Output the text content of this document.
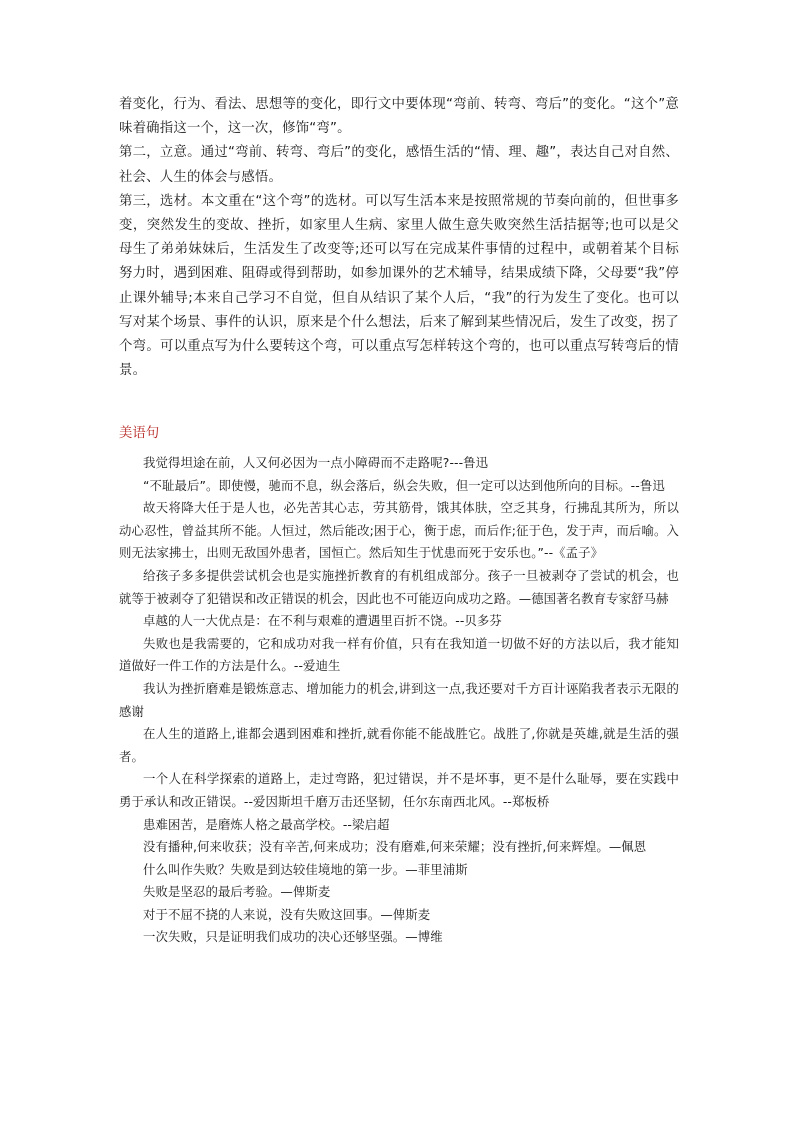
着变化，行为、看法、思想等的变化，即行文中要体现“弯前、转弯、弯后”的变化。“这个”意味着确指这一个，这一次，修饰“弯”。

第二，立意。通过“弯前、转弯、弯后”的变化，感悟生活的“情、理、趣”，表达自己对自然、社会、人生的体会与感悟。

第三，选材。本文重在“这个弯”的选材。可以写生活本来是按照常规的节奏向前的，但世事多变，突然发生的变故、挫折，如家里人生病、家里人做生意失败突然生活拮据等;也可以是父母生了弟弟妹妹后，生活发生了改变等;还可以写在完成某件事情的过程中，或朝着某个目标努力时，遇到困难、阻碍或得到帮助，如参加课外的艺术辅导，结果成绩下降，父母要“我”停止课外辅导;本来自己学习不自觉，但自从结识了某个人后，“我”的行为发生了变化。也可以写对某个场景、事件的认识，原来是个什么想法，后来了解到某些情况后，发生了改变，拐了个弯。可以重点写为什么要转这个弯，可以重点写怎样转这个弯的，也可以重点写转弯后的情景。

美语句

我觉得坦途在前，人又何必因为一点小障碍而不走路呢?---鲁迅

“不耻最后”。即使慢，驰而不息，纵会落后，纵会失败，但一定可以达到他所向的目标。--鲁迅

故天将降大任于是人也，必先苦其心志，劳其筋骨，饿其体肤，空乏其身，行拂乱其所为，所以动心忍性，曾益其所不能。人恒过，然后能改;困于心，衡于虑，而后作;征于色，发于声，而后喻。入则无法家拂士，出则无敌国外患者，国恒亡。然后知生于忧患而死于安乐也。”--《孟子》

给孩子多多提供尝试机会也是实施挫折教育的有机组成部分。孩子一旦被剥夺了尝试的机会，也就等于被剥夺了犯错误和改正错误的机会，因此也不可能迈向成功之路。—德国著名教育专家舒马赫

卓越的人一大优点是：在不利与艰难的遭遇里百折不饶。--贝多芬

失败也是我需要的，它和成功对我一样有价值，只有在我知道一切做不好的方法以后，我才能知道做好一件工作的方法是什么。--爱迪生

我认为挫折磨难是锻炼意志、增加能力的机会,讲到这一点,我还要对千方百计诬陷我者表示无限的感谢

在人生的道路上,谁都会遇到困难和挫折,就看你能不能战胜它。战胜了,你就是英雄,就是生活的强者。

一个人在科学探索的道路上，走过弯路，犯过错误，并不是坏事，更不是什么耻辱，要在实践中勇于承认和改正错误。--爱因斯坦千磨万击还坚韧，任尔东南西北风。--郑板桥

患难困苦，是磨炼人格之最高学校。--梁启超

没有播种,何来收获；没有辛苦,何来成功；没有磨难,何来荣耀；没有挫折,何来辉煌。—佩恩

什么叫作失败？失败是到达较佳境地的第一步。—菲里浦斯

失败是坚忍的最后考验。—俾斯麦

对于不屈不挠的人来说，没有失败这回事。—俾斯麦

一次失败，只是证明我们成功的决心还够坚强。—博维
